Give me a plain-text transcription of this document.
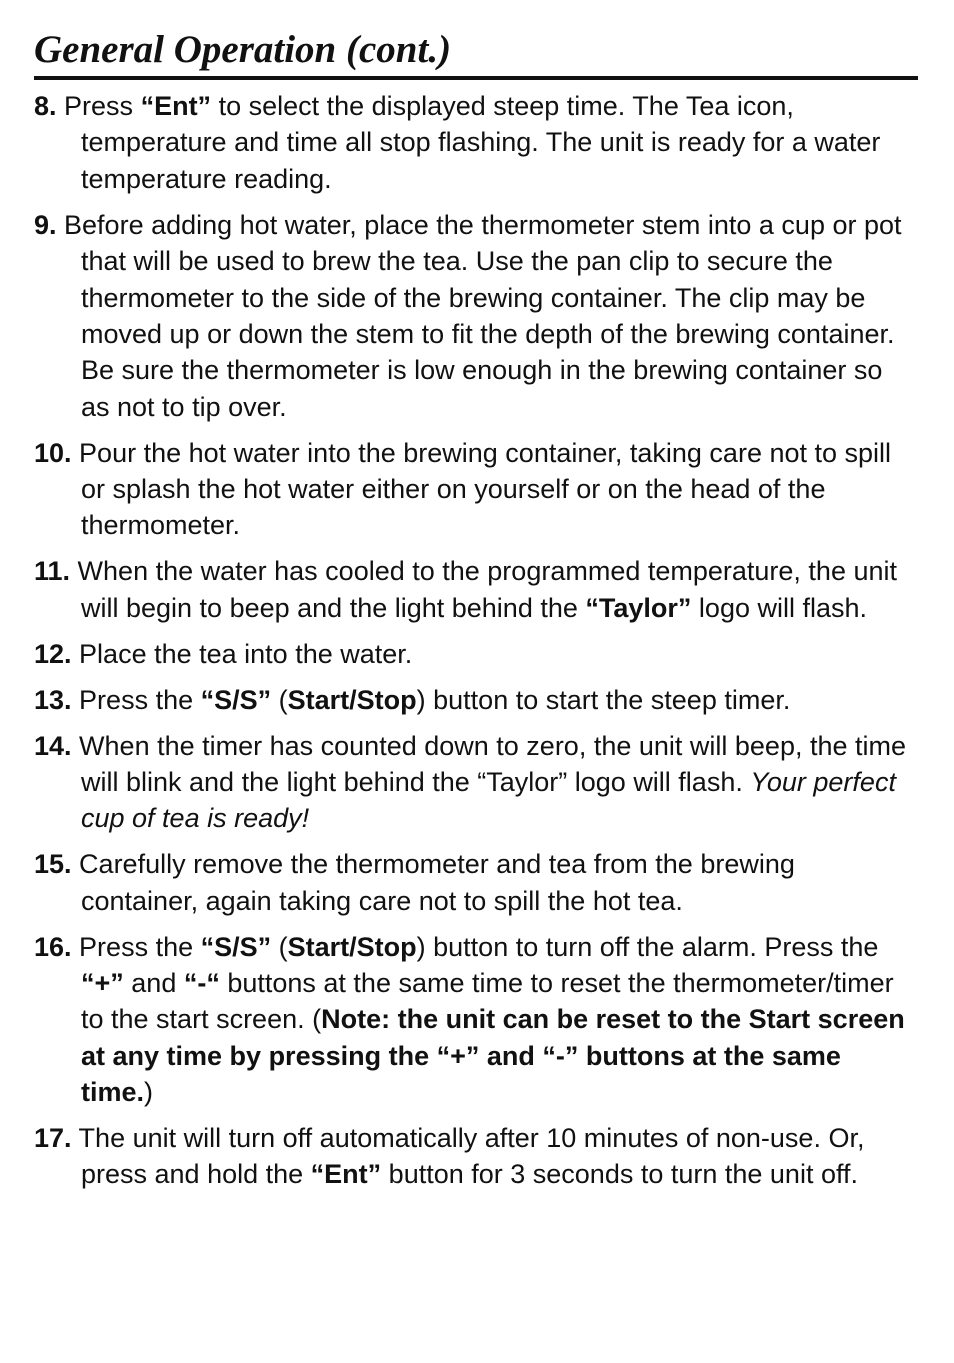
General Operation (cont.)
8. Press “Ent” to select the displayed steep time. The Tea icon, temperature and time all stop flashing. The unit is ready for a water temperature reading.
9. Before adding hot water, place the thermometer stem into a cup or pot that will be used to brew the tea. Use the pan clip to secure the thermometer to the side of the brewing container. The clip may be moved up or down the stem to fit the depth of the brewing container. Be sure the thermometer is low enough in the brewing container so as not to tip over.
10. Pour the hot water into the brewing container, taking care not to spill or splash the hot water either on yourself or on the head of the thermometer.
11. When the water has cooled to the programmed temperature, the unit will begin to beep and the light behind the “Taylor” logo will flash.
12. Place the tea into the water.
13. Press the “S/S” (Start/Stop) button to start the steep timer.
14. When the timer has counted down to zero, the unit will beep, the time will blink and the light behind the “Taylor” logo will flash. Your perfect cup of tea is ready!
15. Carefully remove the thermometer and tea from the brewing container, again taking care not to spill the hot tea.
16. Press the “S/S” (Start/Stop) button to turn off the alarm. Press the “+” and “-“ buttons at the same time to reset the thermometer/timer to the start screen. (Note: the unit can be reset to the Start screen at any time by pressing the “+” and “-” buttons at the same time.)
17. The unit will turn off automatically after 10 minutes of non-use. Or, press and hold the “Ent” button for 3 seconds to turn the unit off.
